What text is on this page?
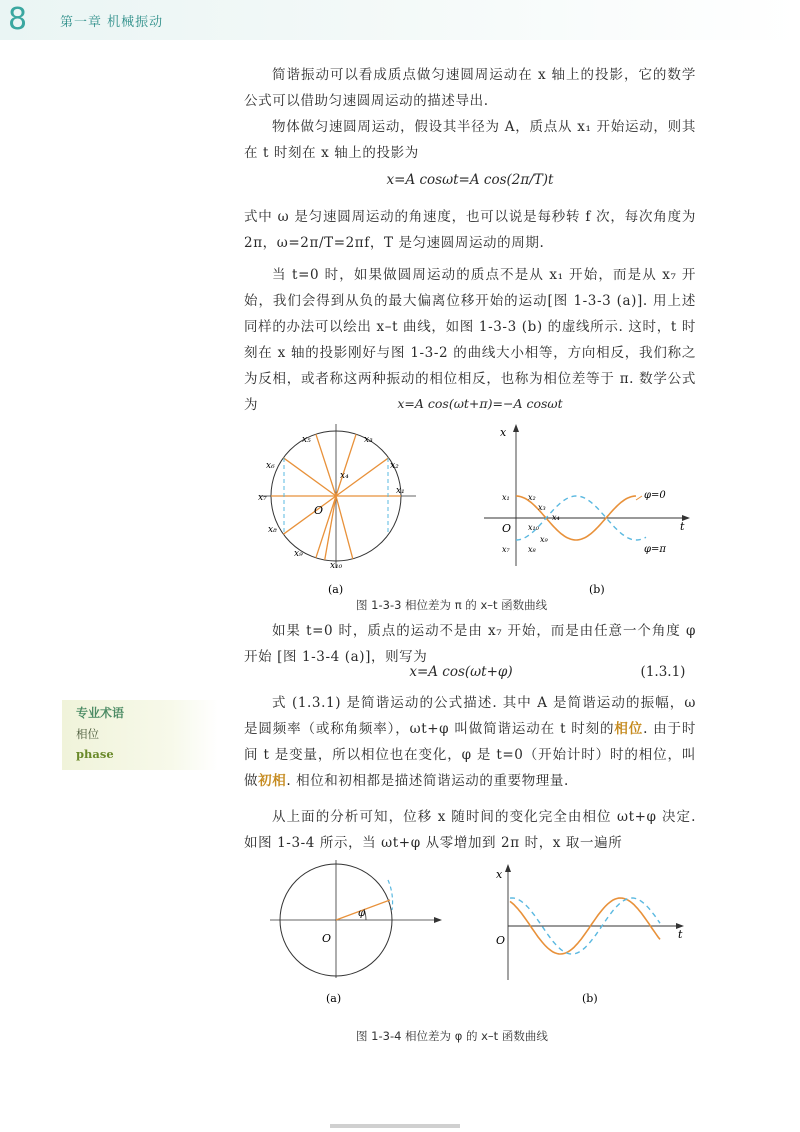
8	第一章 机械振动
简谐振动可以看成质点做匀速圆周运动在 x 轴上的投影，它的数学公式可以借助匀速圆周运动的描述导出.
物体做匀速圆周运动，假设其半径为 A，质点从 x₁ 开始运动，则其在 t 时刻在 x 轴上的投影为
x=A cosωt=A cos(2π/T)t
式中 ω 是匀速圆周运动的角速度，也可以说是每秒转 f 次，每次角度为 2π，ω=2π/T=2πf，T 是匀速圆周运动的周期.
当 t=0 时，如果做圆周运动的质点不是从 x₁ 开始，而是从 x₇ 开始，我们会得到从负的最大偏离位移开始的运动[图 1-3-3 (a)]. 用上述同样的办法可以绘出 x–t 曲线，如图 1-3-3 (b) 的虚线所示. 这时，t 时刻在 x 轴的投影刚好与图 1-3-2 的曲线大小相等，方向相反，我们称之为反相，或者称这两种振动的相位相反，也称为相位差等于 π. 数学公式为	x=A cos(ωt+π)=−A cosωt
x₄
x₃
x₅
x₆	x₂
x₁
x₇
x₈
x₉
x₁₀
O
x
t
O
x₁ x₂
x₃
x₄
x₁₀
x₉
x₇ x₈
φ=0
φ=π
(a)	(b)
图 1-3-3 相位差为 π 的 x–t 函数曲线
如果 t=0 时，质点的运动不是由 x₇ 开始，而是由任意一个角度 φ 开始 [图 1-3-4 (a)]，则写为
x=A cos(ωt+φ)	(1.3.1)
式 (1.3.1) 是简谐运动的公式描述. 其中 A 是简谐运动的振幅，ω 是圆频率（或称角频率），ωt+φ 叫做简谐运动在 t 时刻的相位. 由于时间 t 是变量，所以相位也在变化，φ 是 t=0（开始计时）时的相位，叫做初相. 相位和初相都是描述简谐运动的重要物理量.
专业术语
相位
phase
从上面的分析可知，位移 x 随时间的变化完全由相位 ωt+φ 决定. 如图 1-3-4 所示，当 ωt+φ 从零增加到 2π 时，x 取一遍所
φ
O
x
t
O
(a)	(b)
图 1-3-4 相位差为 φ 的 x–t 函数曲线
